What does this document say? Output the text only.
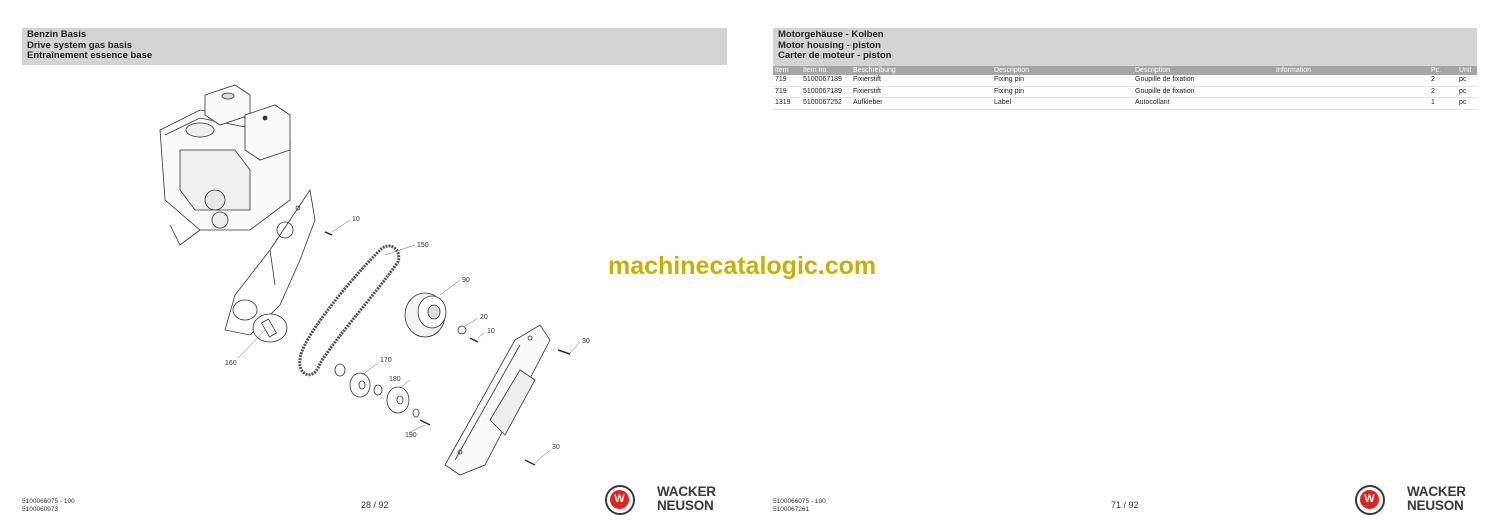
Benzin Basis
Drive system gas basis
Entraînement essence base
10
150
90
20
10
30
170
180
160
190
30
5100066075 - 100
5100060973	28 / 92	W	WACKER
NEUSON
Motorgehäuse - Kolben
Motor housing - piston
Carter de moteur - piston
Item	Item no.	Beschreibung	Description	Description	Information	Pc.	Unit
719	5100067189	Fixierstift	Fixing pin	Goupille de fixation		2	pc
719	5100067189	Fixierstift	Fixing pin	Goupille de fixation		2	pc
1319	5100067252	Aufkleber	Label	Autocollant		1	pc
5100066075 - 100
5100067261	71 / 92	W	WACKER
NEUSON
machinecatalogic.com
